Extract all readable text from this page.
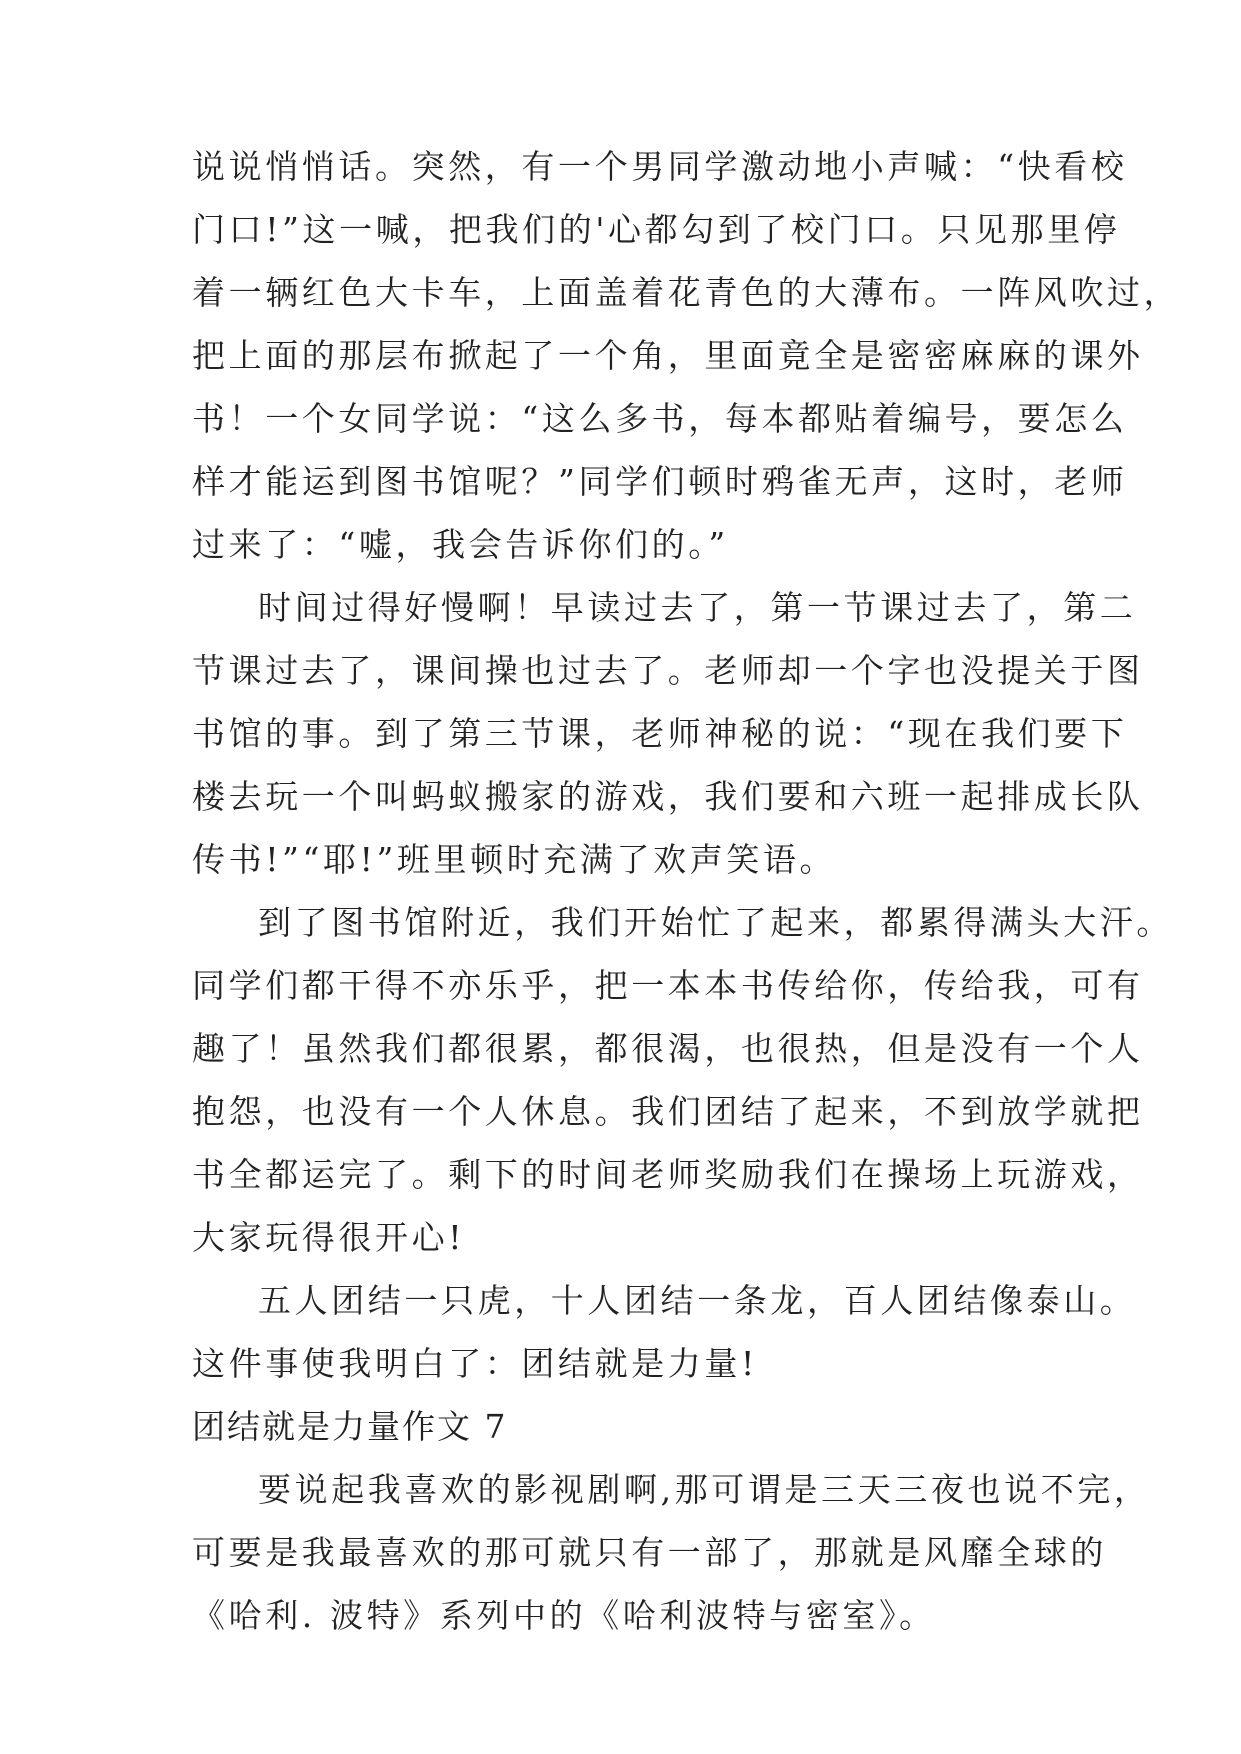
说说悄悄话。突然，有一个男同学激动地小声喊：“快看校
门口!”这一喊，把我们的'心都勾到了校门口。只见那里停
着一辆红色大卡车，上面盖着花青色的大薄布。一阵风吹过，
把上面的那层布掀起了一个角，里面竟全是密密麻麻的课外
书！一个女同学说：“这么多书，每本都贴着编号，要怎么
样才能运到图书馆呢？”同学们顿时鸦雀无声，这时，老师
过来了：“嘘，我会告诉你们的。”
时间过得好慢啊！早读过去了，第一节课过去了，第二
节课过去了，课间操也过去了。老师却一个字也没提关于图
书馆的事。到了第三节课，老师神秘的说：“现在我们要下
楼去玩一个叫蚂蚁搬家的游戏，我们要和六班一起排成长队
传书!”“耶!”班里顿时充满了欢声笑语。
到了图书馆附近，我们开始忙了起来，都累得满头大汗。
同学们都干得不亦乐乎，把一本本书传给你，传给我，可有
趣了！虽然我们都很累，都很渴，也很热，但是没有一个人
抱怨，也没有一个人休息。我们团结了起来，不到放学就把
书全都运完了。剩下的时间老师奖励我们在操场上玩游戏，
大家玩得很开心!
五人团结一只虎，十人团结一条龙，百人团结像泰山。
这件事使我明白了：团结就是力量!
团结就是力量作文 7
要说起我喜欢的影视剧啊,那可谓是三天三夜也说不完，
可要是我最喜欢的那可就只有一部了，那就是风靡全球的
《哈利. 波特》系列中的《哈利波特与密室》。
